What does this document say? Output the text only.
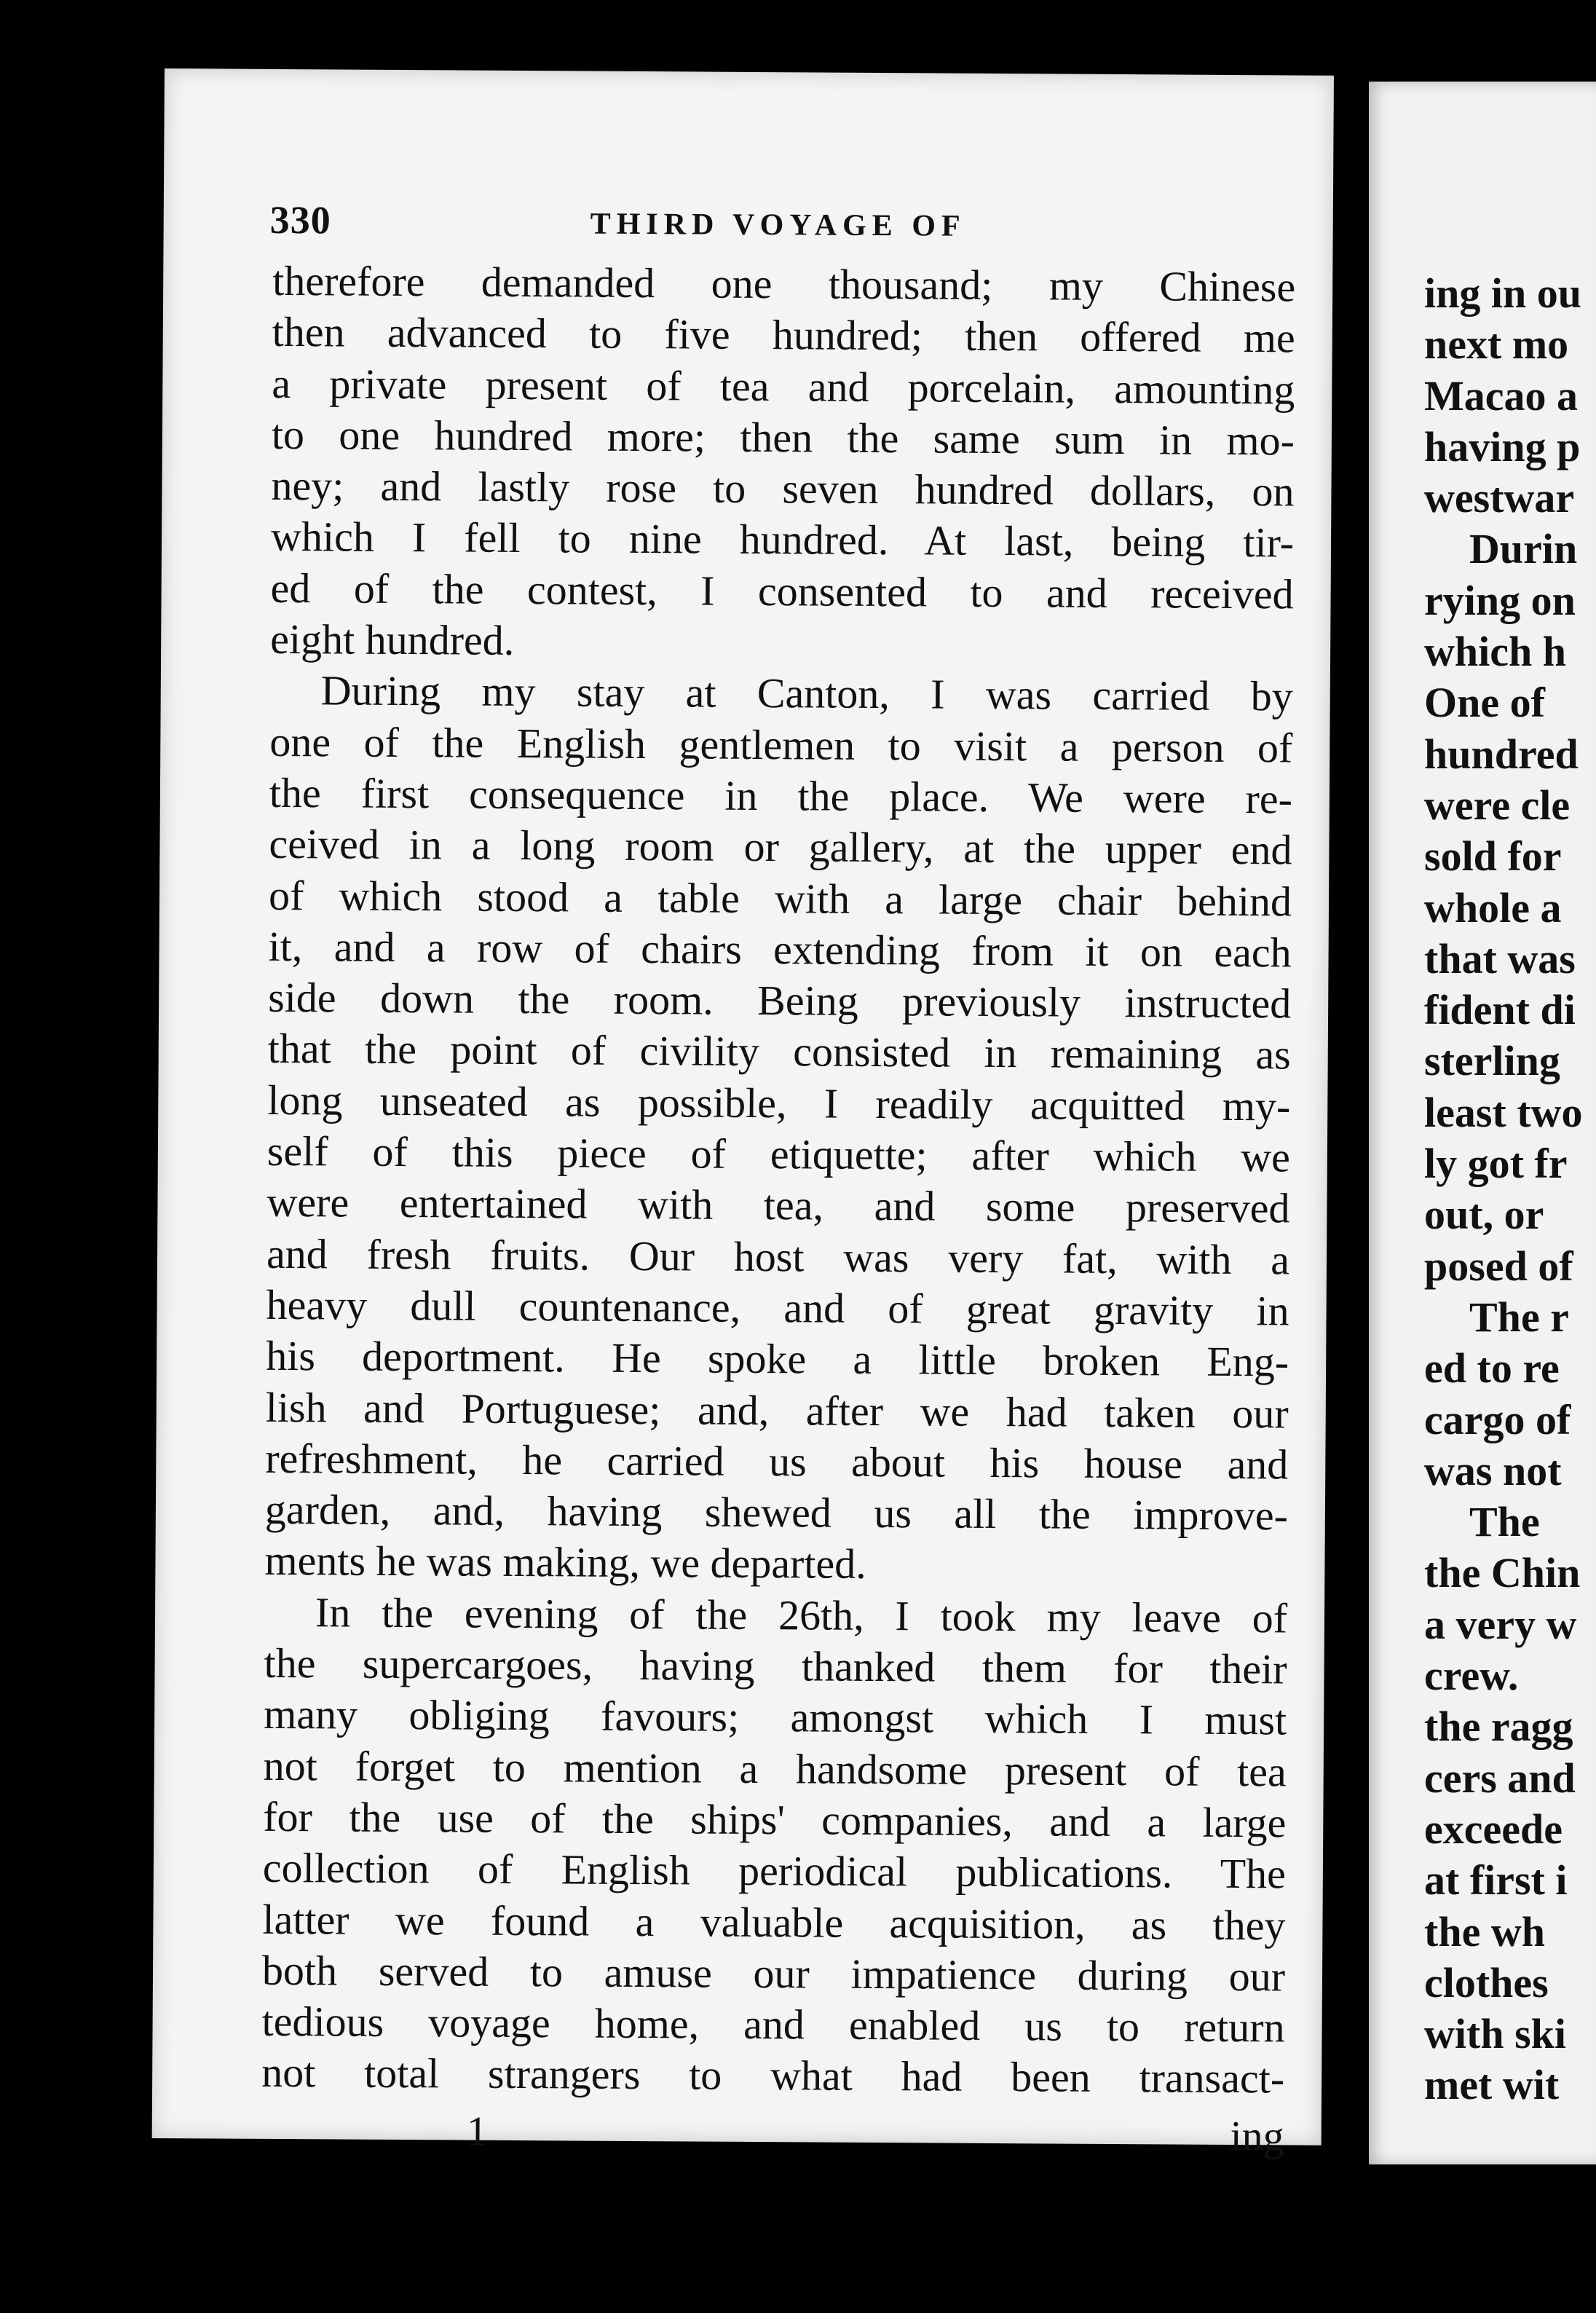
330	THIRD VOYAGE OF
therefore demanded one thousand; my Chinese
then advanced to five hundred; then offered me
a private present of tea and porcelain, amounting
to one hundred more; then the same sum in mo-
ney; and lastly rose to seven hundred dollars, on
which I fell to nine hundred. At last, being tir-
ed of the contest, I consented to and received
eight hundred.
During my stay at Canton, I was carried by
one of the English gentlemen to visit a person of
the first consequence in the place. We were re-
ceived in a long room or gallery, at the upper end
of which stood a table with a large chair behind
it, and a row of chairs extending from it on each
side down the room. Being previously instructed
that the point of civility consisted in remaining as
long unseated as possible, I readily acquitted my-
self of this piece of etiquette; after which we
were entertained with tea, and some preserved
and fresh fruits. Our host was very fat, with a
heavy dull countenance, and of great gravity in
his deportment. He spoke a little broken Eng-
lish and Portuguese; and, after we had taken our
refreshment, he carried us about his house and
garden, and, having shewed us all the improve-
ments he was making, we departed.
In the evening of the 26th, I took my leave of
the supercargoes, having thanked them for their
many obliging favours; amongst which I must
not forget to mention a handsome present of tea
for the use of the ships' companies, and a large
collection of English periodical publications. The
latter we found a valuable acquisition, as they
both served to amuse our impatience during our
tedious voyage home, and enabled us to return
not total strangers to what had been transact-
1	ing
ing in ou
next mo
Macao a
having p
westwar
Durin
rying on
which h
One of
hundred
were cle
sold for
whole a
that was
fident di
sterling
least two
ly got fr
out, or
posed of
The r
ed to re
cargo of
was not
The
the Chin
a very w
crew.
the ragg
cers and
exceede
at first i
the wh
clothes
with ski
met wit
